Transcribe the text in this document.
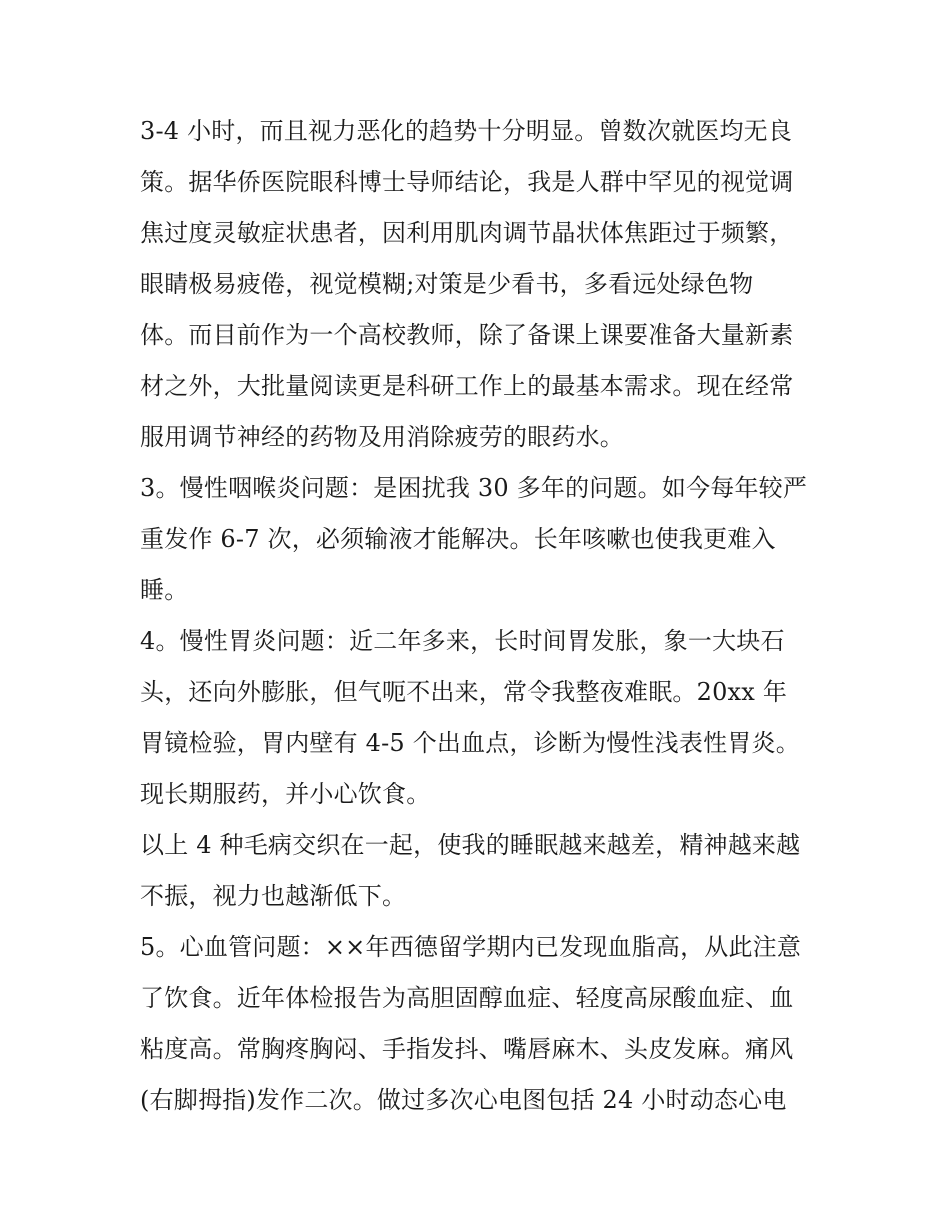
3-4 小时，而且视力恶化的趋势十分明显。曾数次就医均无良
策。据华侨医院眼科博士导师结论，我是人群中罕见的视觉调
焦过度灵敏症状患者，因利用肌肉调节晶状体焦距过于频繁，
眼睛极易疲倦，视觉模糊;对策是少看书，多看远处绿色物
体。而目前作为一个高校教师，除了备课上课要准备大量新素
材之外，大批量阅读更是科研工作上的最基本需求。现在经常
服用调节神经的药物及用消除疲劳的眼药水。
3。慢性咽喉炎问题：是困扰我 30 多年的问题。如今每年较严
重发作 6-7 次，必须输液才能解决。长年咳嗽也使我更难入
睡。
4。慢性胃炎问题：近二年多来，长时间胃发胀，象一大块石
头，还向外膨胀，但气呃不出来，常令我整夜难眠。20xx 年
胃镜检验，胃内壁有 4-5 个出血点，诊断为慢性浅表性胃炎。
现长期服药，并小心饮食。
以上 4 种毛病交织在一起，使我的睡眠越来越差，精神越来越
不振，视力也越渐低下。
5。心血管问题：××年西德留学期内已发现血脂高，从此注意
了饮食。近年体检报告为高胆固醇血症、轻度高尿酸血症、血
粘度高。常胸疼胸闷、手指发抖、嘴唇麻木、头皮发麻。痛风
(右脚拇指)发作二次。做过多次心电图包括 24 小时动态心电
